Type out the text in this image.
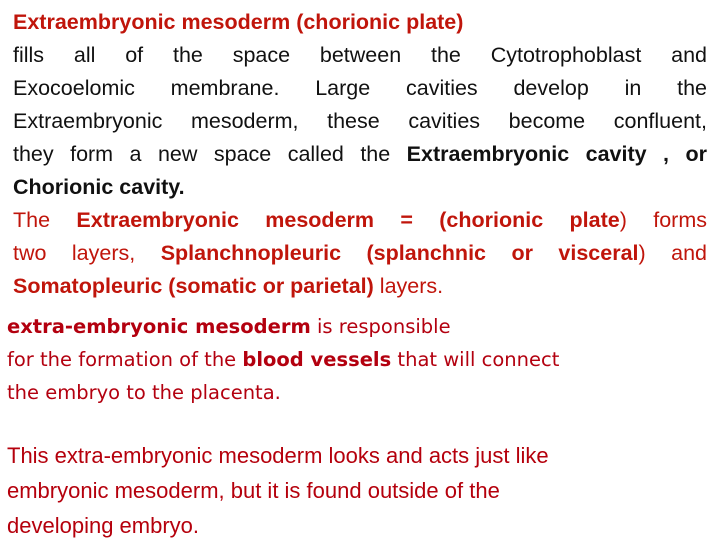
Extraembryonic mesoderm (chorionic plate)
fills all of the space between the Cytotrophoblast and
Exocoelomic membrane. Large cavities develop in the
Extraembryonic mesoderm, these cavities become confluent,
they form a new space called the Extraembryonic cavity , or
Chorionic cavity.
The Extraembryonic mesoderm = (chorionic plate) forms
two layers, Splanchnopleuric (splanchnic or visceral) and
Somatopleuric (somatic or parietal) layers.
extra-embryonic mesoderm is responsible
for the formation of the blood vessels that will connect
the embryo to the placenta.
This extra-embryonic mesoderm looks and acts just like
embryonic mesoderm, but it is found outside of the
developing embryo.
